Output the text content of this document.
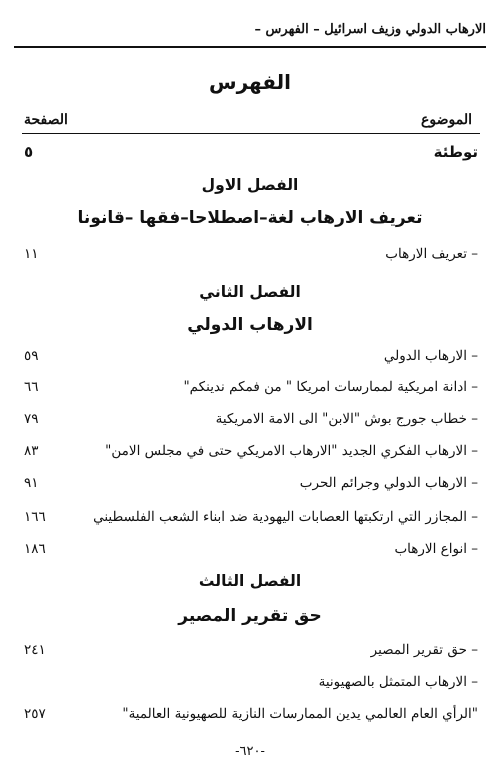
الارهاب الدولي وزيف اسرائيل – الفهرس –
الفهرس
الموضوع
الصفحة
توطئة
٥
الفصل الاول
تعريف الارهاب لغة–اصطلاحا–فقها –قانونا
– تعريف الارهاب
١١
الفصل الثاني
الارهاب الدولي
– الارهاب الدولي
٥٩
– ادانة امريكية لممارسات امريكا " من فمكم ندينكم"
٦٦
– خطاب جورج بوش "الابن" الى الامة الامريكية
٧٩
– الارهاب الفكري الجديد "الارهاب الامريكي حتى في مجلس الامن"
٨٣
– الارهاب الدولي وجرائم الحرب
٩١
– المجازر التي ارتكبتها العصابات اليهودية ضد ابناء الشعب الفلسطيني
١٦٦
– انواع الارهاب
١٨٦
الفصل الثالث
حق تقرير المصير
– حق تقرير المصير
٢٤١
– الارهاب المتمثل بالصهيونية
"الرأي العام العالمي يدين الممارسات النازية للصهيونية العالمية"
٢٥٧
-٦٢٠-
